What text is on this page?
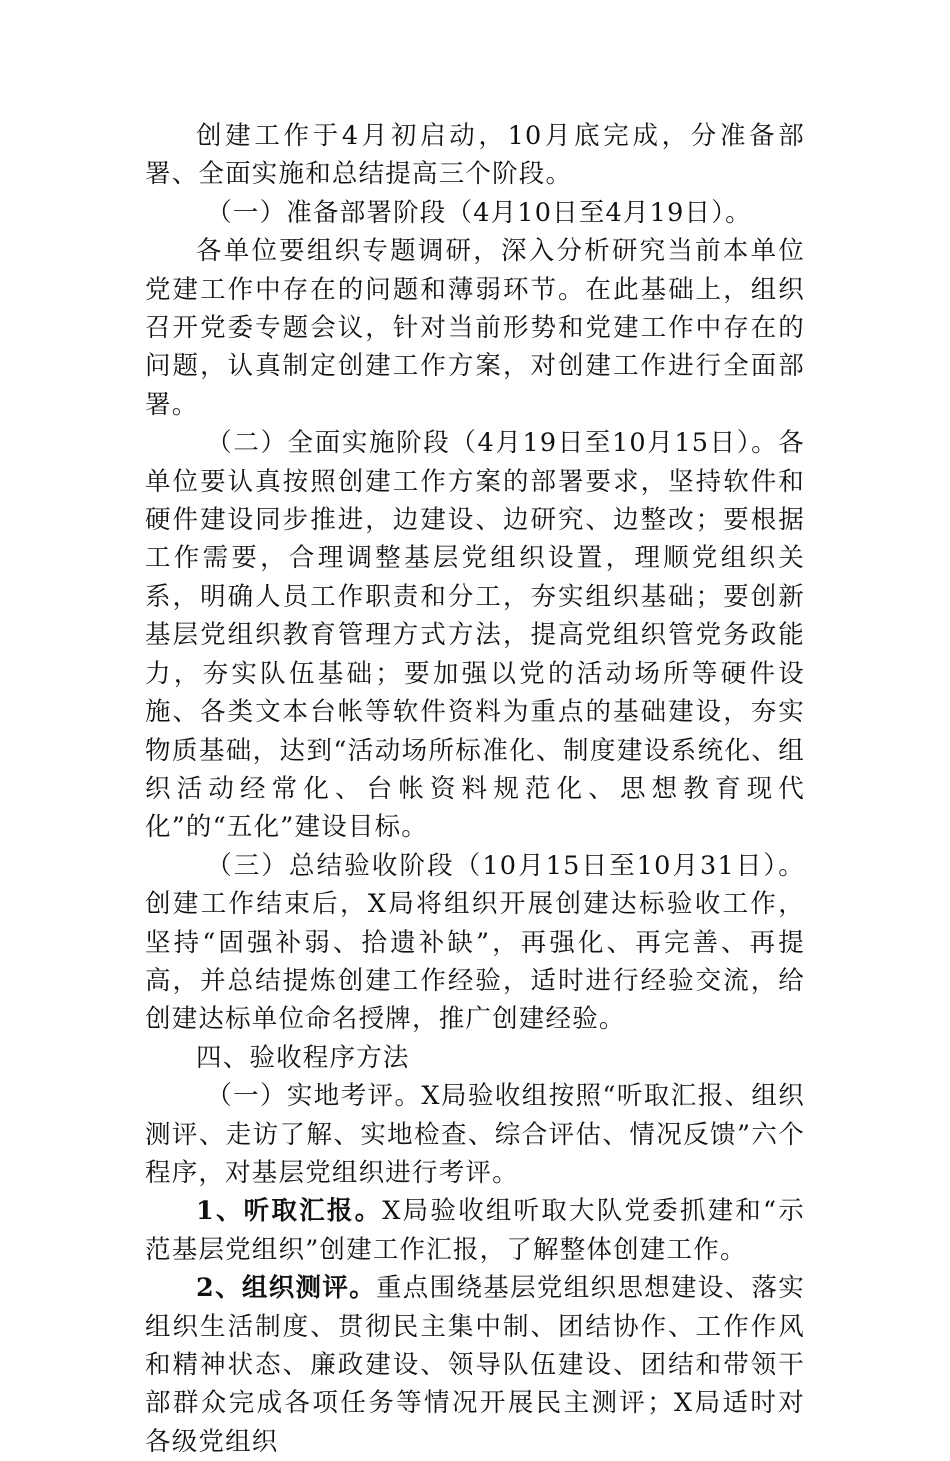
创建工作于4月初启动，10月底完成，分准备部署、全面实施和总结提高三个阶段。

（一）准备部署阶段（4月10日至4月19日）。

各单位要组织专题调研，深入分析研究当前本单位党建工作中存在的问题和薄弱环节。在此基础上，组织召开党委专题会议，针对当前形势和党建工作中存在的问题，认真制定创建工作方案，对创建工作进行全面部署。

（二）全面实施阶段（4月19日至10月15日）。各单位要认真按照创建工作方案的部署要求，坚持软件和硬件建设同步推进，边建设、边研究、边整改；要根据工作需要，合理调整基层党组织设置，理顺党组织关系，明确人员工作职责和分工，夯实组织基础；要创新基层党组织教育管理方式方法，提高党组织管党务政能力，夯实队伍基础；要加强以党的活动场所等硬件设施、各类文本台帐等软件资料为重点的基础建设，夯实物质基础，达到“活动场所标准化、制度建设系统化、组织活动经常化、台帐资料规范化、思想教育现代化”的“五化”建设目标。

（三）总结验收阶段（10月15日至10月31日）。创建工作结束后，X局将组织开展创建达标验收工作，坚持“固强补弱、拾遗补缺”，再强化、再完善、再提高，并总结提炼创建工作经验，适时进行经验交流，给创建达标单位命名授牌，推广创建经验。

四、验收程序方法

（一）实地考评。X局验收组按照“听取汇报、组织测评、走访了解、实地检查、综合评估、情况反馈”六个程序，对基层党组织进行考评。

1、听取汇报。X局验收组听取大队党委抓建和“示范基层党组织”创建工作汇报，了解整体创建工作。

2、组织测评。重点围绕基层党组织思想建设、落实组织生活制度、贯彻民主集中制、团结协作、工作作风和精神状态、廉政建设、领导队伍建设、团结和带领干部群众完成各项任务等情况开展民主测评；X局适时对各级党组织
